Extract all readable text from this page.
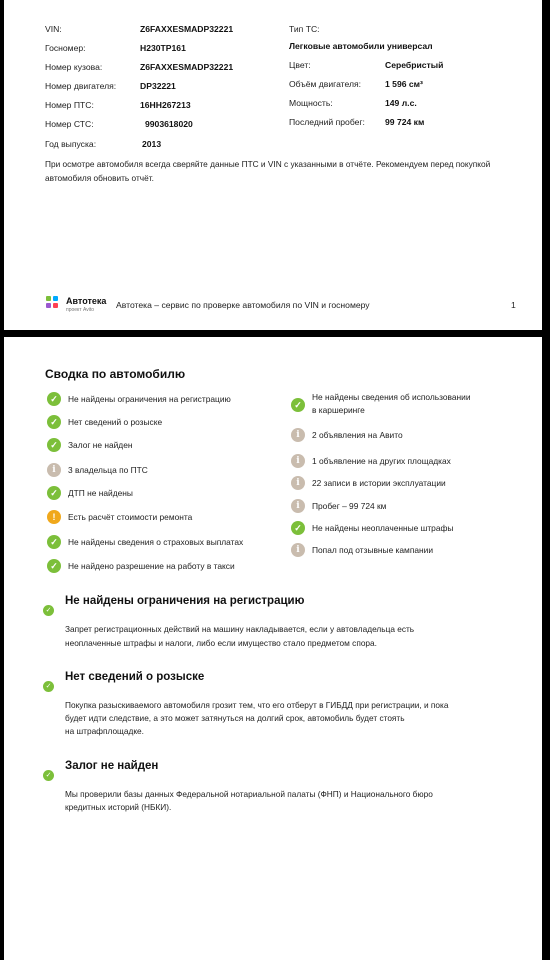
VIN:	Z6FAXXESMADP32221
Госномер:	H230TP161
Номер кузова:	Z6FAXXESMADP32221
Номер двигателя:	DP32221
Номер ПТС:	16HH267213
Номер СТС:	9903618020
Год выпуска:	2013
Тип ТС:
Легковые автомобили универсал
Цвет:	Серебристый
Объём двигателя:	1 596 см³
Мощность:	149 л.с.
Последний пробег: 99 724 км
При осмотре автомобиля всегда сверяйте данные ПТС и VIN с указанными в отчёте. Рекомендуем перед покупкой автомобиля обновить отчёт.
Автотека
проект Avito	Автотека – сервис по проверке автомобиля по VIN и госномеру	1
Сводка по автомобилю
✓	Не найдены ограничения на регистрацию
✓	Нет сведений о розыске
✓	Залог не найден
i	3 владельца по ПТС
✓	ДТП не найдены
!	Есть расчёт стоимости ремонта
✓	Не найдены сведения о страховых выплатах
✓	Не найдено разрешение на работу в такси
✓
Не найдены сведения об использовании
в каршеринге
i	2 объявления на Авито
i	1 объявление на других площадках
i	22 записи в истории эксплуатации
i	Пробег – 99 724 км
✓	Не найдены неоплаченные штрафы
i	Попал под отзывные кампании
✓
Не найдены ограничения на регистрацию
Запрет регистрационных действий на машину накладывается, если у автовладельца есть
неоплаченные штрафы и налоги, либо если имущество стало предметом спора.
✓
Нет сведений о розыске
Покупка разыскиваемого автомобиля грозит тем, что его отберут в ГИБДД при регистрации, и пока
будет идти следствие, а это может затянуться на долгий срок, автомобиль будет стоять
на штрафплощадке.
✓
Залог не найден
Мы проверили базы данных Федеральной нотариальной палаты (ФНП) и Национального бюро
кредитных историй (НБКИ).
●● Avito
